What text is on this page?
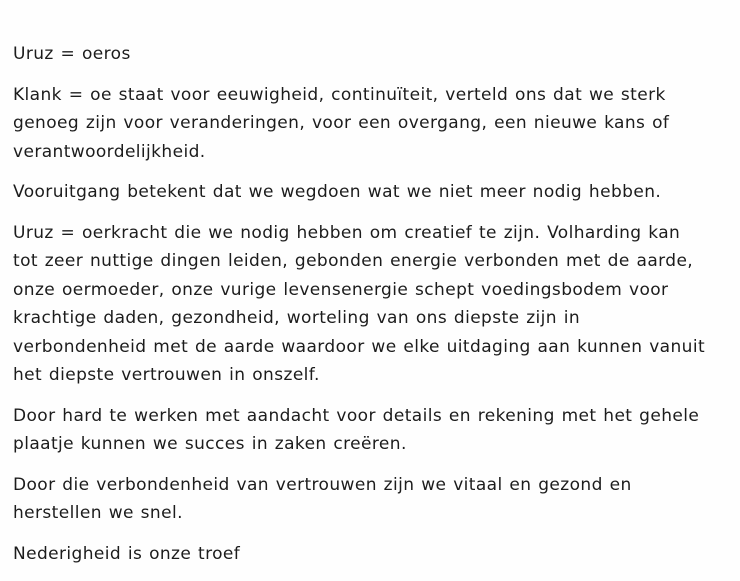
Uruz = oeros

Klank = oe staat voor eeuwigheid, continuïteit, verteld ons dat we sterk
genoeg zijn voor veranderingen, voor een overgang, een nieuwe kans of
verantwoordelijkheid.

Vooruitgang betekent dat we wegdoen wat we niet meer nodig hebben.

Uruz = oerkracht die we nodig hebben om creatief te zijn. Volharding kan
tot zeer nuttige dingen leiden, gebonden energie verbonden met de aarde,
onze oermoeder, onze vurige levensenergie schept voedingsbodem voor
krachtige daden, gezondheid, worteling van ons diepste zijn in
verbondenheid met de aarde waardoor we elke uitdaging aan kunnen vanuit
het diepste vertrouwen in onszelf.

Door hard te werken met aandacht voor details en rekening met het gehele
plaatje kunnen we succes in zaken creëren.

Door die verbondenheid van vertrouwen zijn we vitaal en gezond en
herstellen we snel.

Nederigheid is onze troef
